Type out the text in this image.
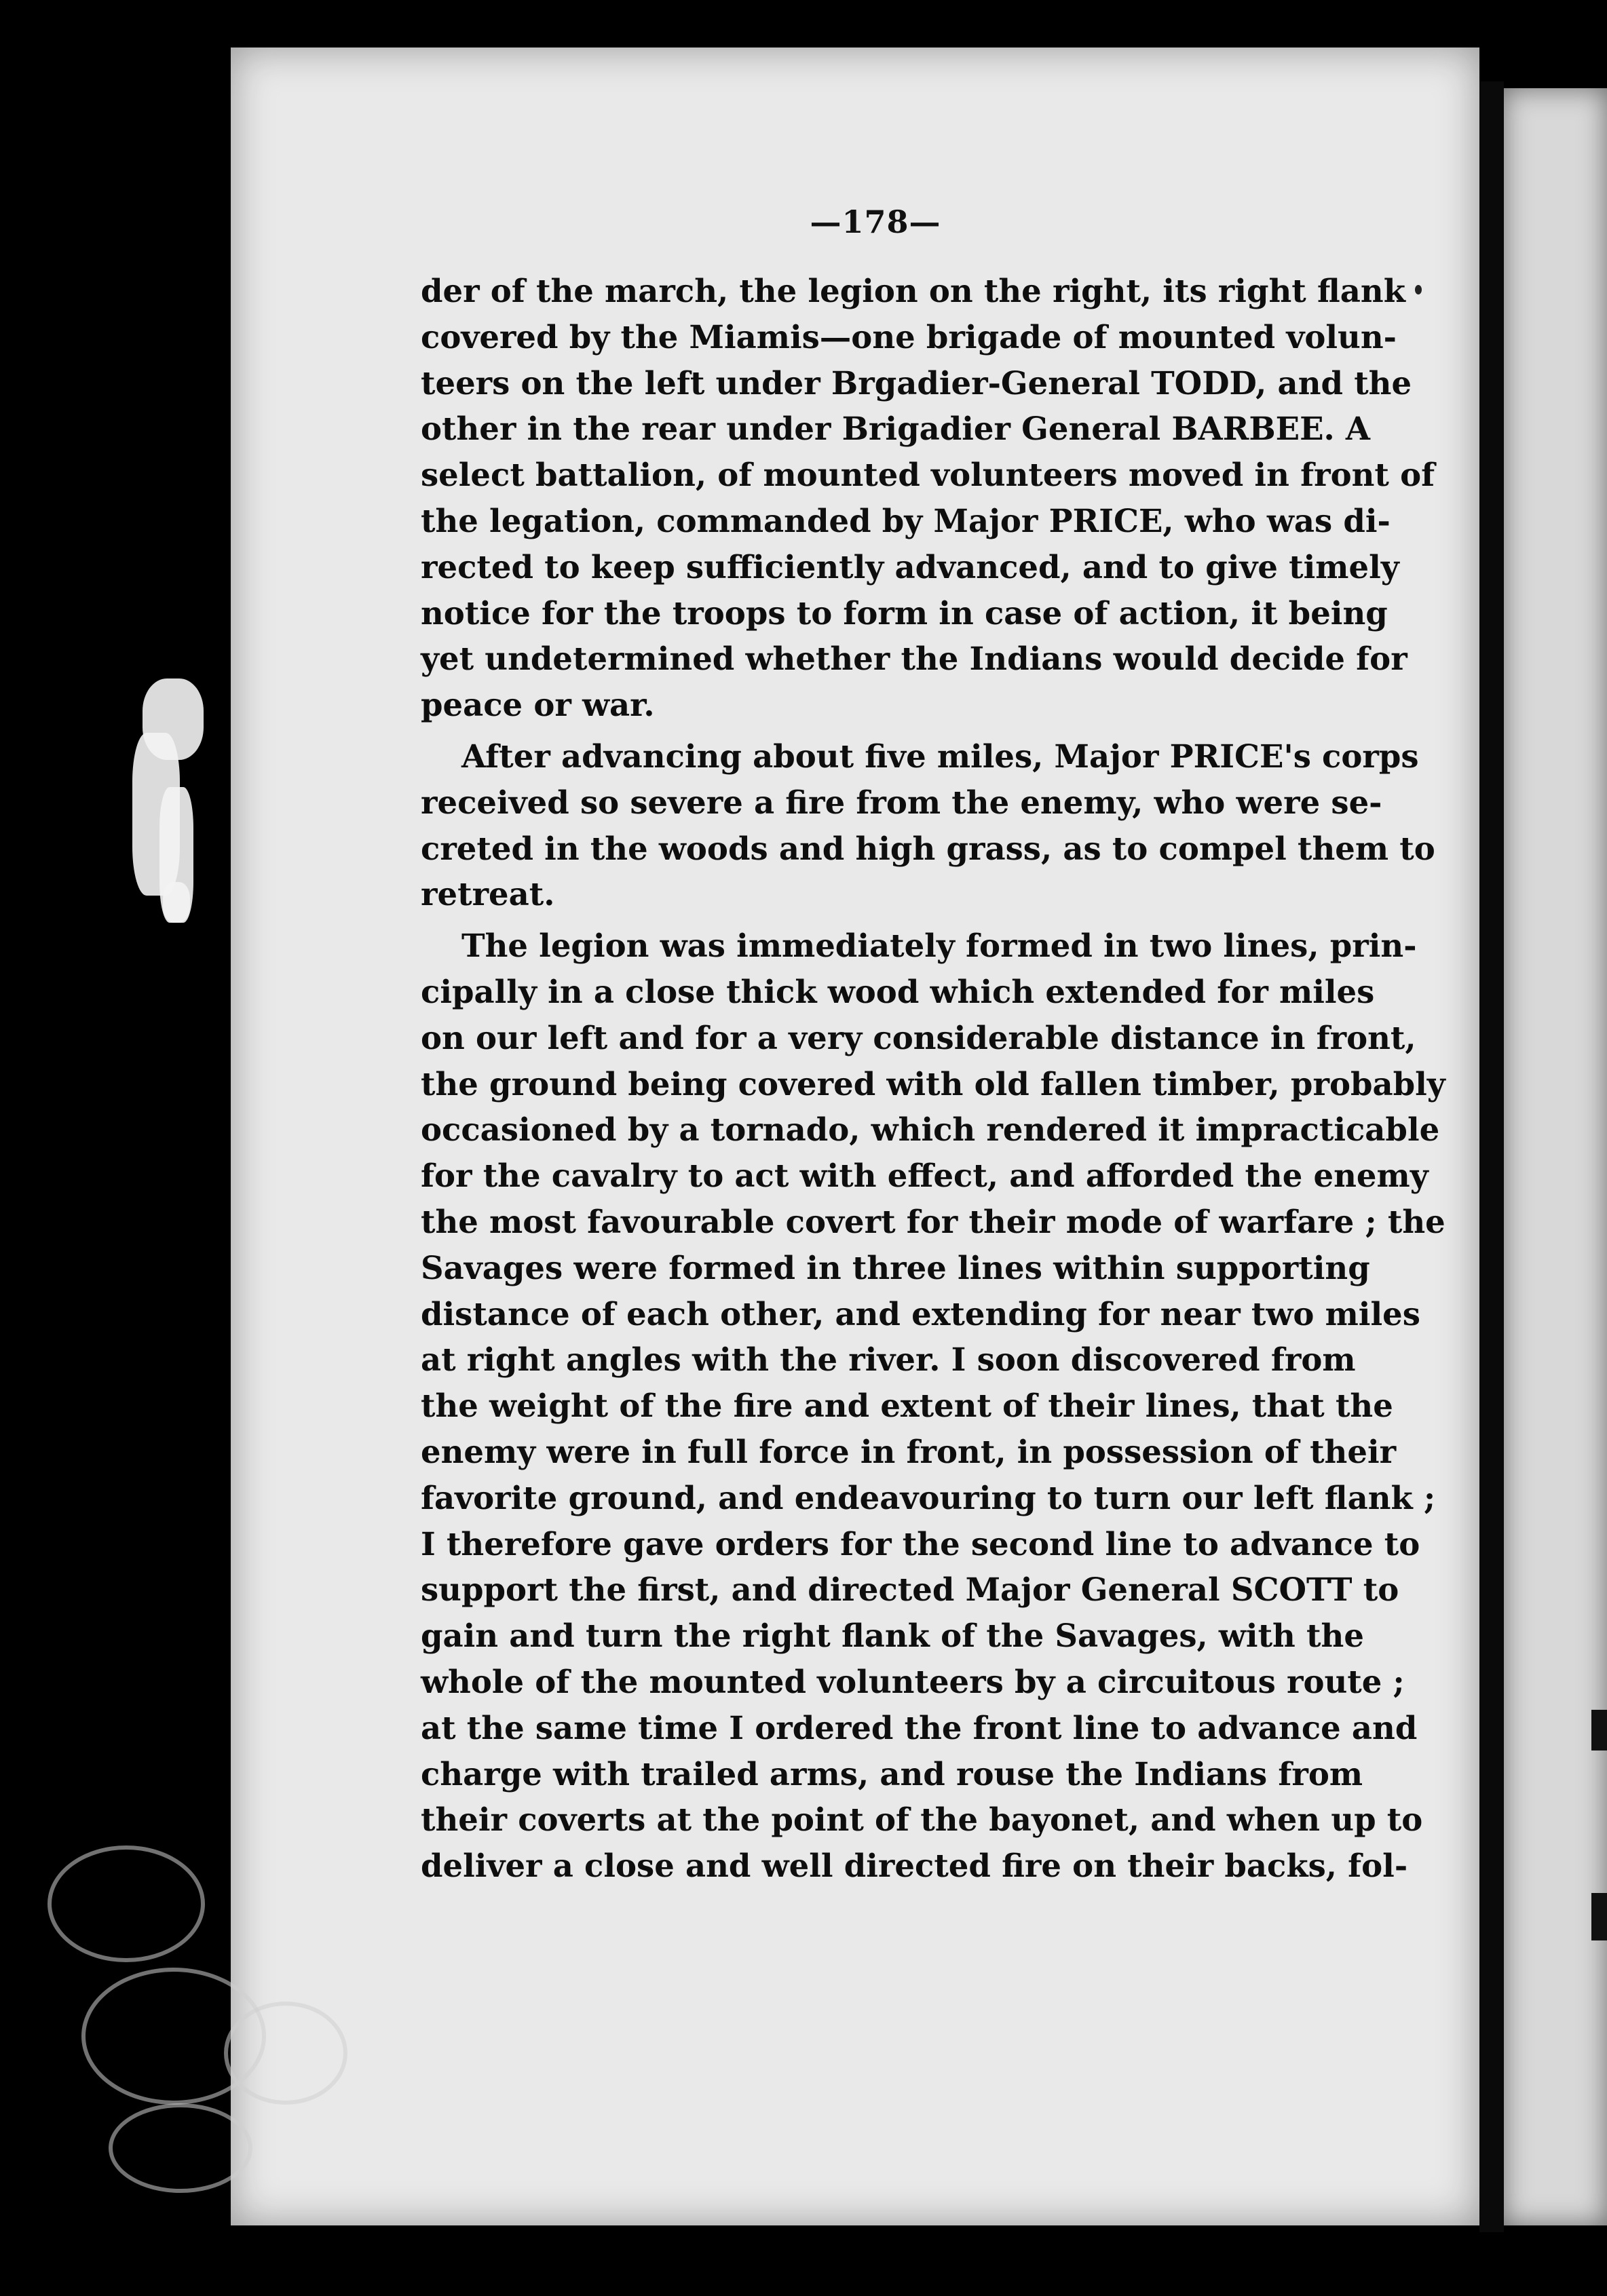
—178—
der of the march, the legion on the right, its right flank
covered by the Miamis—one brigade of mounted volun-
teers on the left under Brgadier-General TODD, and the
other in the rear under Brigadier General BARBEE. A
select battalion, of mounted volunteers moved in front of
the legation, commanded by Major PRICE, who was di-
rected to keep sufficiently advanced, and to give timely
notice for the troops to form in case of action, it being
yet undetermined whether the Indians would decide for
peace or war.
After advancing about five miles, Major PRICE's corps
received so severe a fire from the enemy, who were se-
creted in the woods and high grass, as to compel them to
retreat.
The legion was immediately formed in two lines, prin-
cipally in a close thick wood which extended for miles
on our left and for a very considerable distance in front,
the ground being covered with old fallen timber, probably
occasioned by a tornado, which rendered it impracticable
for the cavalry to act with effect, and afforded the enemy
the most favourable covert for their mode of warfare ; the
Savages were formed in three lines within supporting
distance of each other, and extending for near two miles
at right angles with the river. I soon discovered from
the weight of the fire and extent of their lines, that the
enemy were in full force in front, in possession of their
favorite ground, and endeavouring to turn our left flank ;
I therefore gave orders for the second line to advance to
support the first, and directed Major General SCOTT to
gain and turn the right flank of the Savages, with the
whole of the mounted volunteers by a circuitous route ;
at the same time I ordered the front line to advance and
charge with trailed arms, and rouse the Indians from
their coverts at the point of the bayonet, and when up to
deliver a close and well directed fire on their backs, fol-
